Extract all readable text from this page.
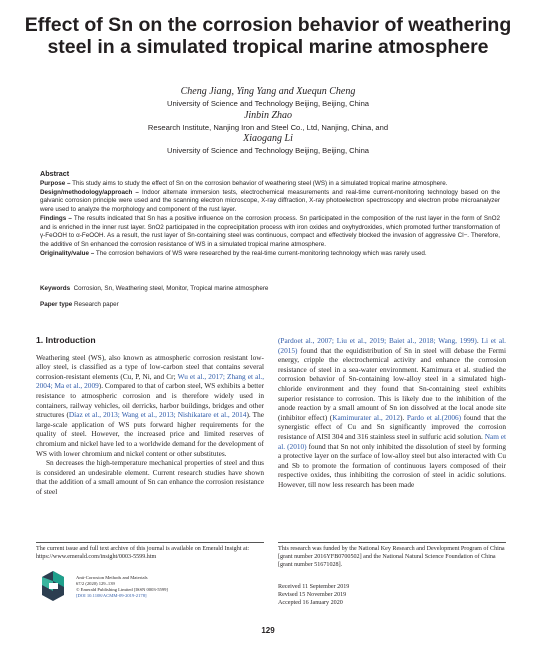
Effect of Sn on the corrosion behavior of weathering steel in a simulated tropical marine atmosphere
Cheng Jiang, Ying Yang and Xuequn Cheng
University of Science and Technology Beijing, Beijing, China
Jinbin Zhao
Research Institute, Nanjing Iron and Steel Co., Ltd, Nanjing, China, and
Xiaogang Li
University of Science and Technology Beijing, Beijing, China
Abstract

Purpose – This study aims to study the effect of Sn on the corrosion behavior of weathering steel (WS) in a simulated tropical marine atmosphere.

Design/methodology/approach – Indoor alternate immersion tests, electrochemical measurements and real-time current-monitoring technology based on the galvanic corrosion principle were used and the scanning electron microscope, X-ray diffraction, X-ray photoelectron spectroscopy and electron probe microanalyzer were used to analyze the morphology and component of the rust layer.

Findings – The results indicated that Sn has a positive influence on the corrosion process. Sn participated in the composition of the rust layer in the form of SnO2 and is enriched in the inner rust layer. SnO2 participated in the coprecipitation process with iron oxides and oxyhydroxides, which promoted further transformation of γ-FeOOH to α-FeOOH. As a result, the rust layer of Sn-containing steel was continuous, compact and effectively blocked the invasion of aggressive Cl−. Therefore, the additive of Sn enhanced the corrosion resistance of WS in a simulated tropical marine atmosphere.

Originality/value – The corrosion behaviors of WS were researched by the real-time current-monitoring technology which was rarely used.

Keywords Corrosion, Sn, Weathering steel, Monitor, Tropical marine atmosphere
Paper type Research paper
1. Introduction

Weathering steel (WS), also known as atmospheric corrosion resistant low-alloy steel, is classified as a type of low-carbon steel that contains several corrosion-resistant elements (Cu, P, Ni, and Cr; Wu et al., 2017; Zhang et al., 2004; Ma et al., 2009). Compared to that of carbon steel, WS exhibits a better resistance to atmospheric corrosion and is therefore widely used in containers, railway vehicles, oil derricks, harbor buildings, bridges and other structures (Díaz et al., 2013; Wang et al., 2013; Nishikatare et al., 2014). The large-scale application of WS puts forward higher requirements for the quality of steel. However, the increased price and limited reserves of chromium and nickel have led to a worldwide demand for the development of WS with lower chromium and nickel content or other substitutes.

Sn decreases the high-temperature mechanical properties of steel and thus is considered an undesirable element. Current research studies have shown that the addition of a small amount of Sn can enhance the corrosion resistance of steel

(Pardoet al., 2007; Liu et al., 2019; Baiet al., 2018; Wang, 1999). Li et al.(2015) found that the equidistribution of Sn in steel will debase the Fermi energy, cripple the electrochemical activity and enhance the corrosion resistance of steel in a sea-water environment. Kamimura et al. studied the corrosion behavior of Sn-containing low-alloy steel in a simulated high-chloride environment and they found that Sn-containing steel exhibits superior resistance to corrosion. This is likely due to the inhibition of the anode reaction by a small amount of Sn ion dissolved at the local anode site (inhibitor effect) (Kamimurater al., 2012). Pardo et al.(2006) found that the synergistic effect of Cu and Sn significantly improved the corrosion resistance of AISI 304 and 316 stainless steel in sulfuric acid solution. Nam et al. (2010) found that Sn not only inhibited the dissolution of steel by forming a protective layer on the surface of low-alloy steel but also interacted with Cu and Sb to promote the formation of continuous layers composed of their respective oxides, thus inhibiting the corrosion of steel in acidic solutions. However, till now less research has been made

The current issue and full text archive of this journal is available on Emerald Insight at: https://www.emerald.com/insight/0003-5599.htm
Anti-Corrosion Methods and Materials
67/2 (2020) 129–139
© Emerald Publishing Limited [ISSN 0003-5599]
[DOI 10.1108/ACMM-09-2019-2178]
This research was funded by the National Key Research and Development Program of China [grant number 2016YFB0700502] and the National Natural Science Foundation of China [grant number 51671028].
Received 11 September 2019
Revised 15 November 2019
Accepted 16 January 2020
129
